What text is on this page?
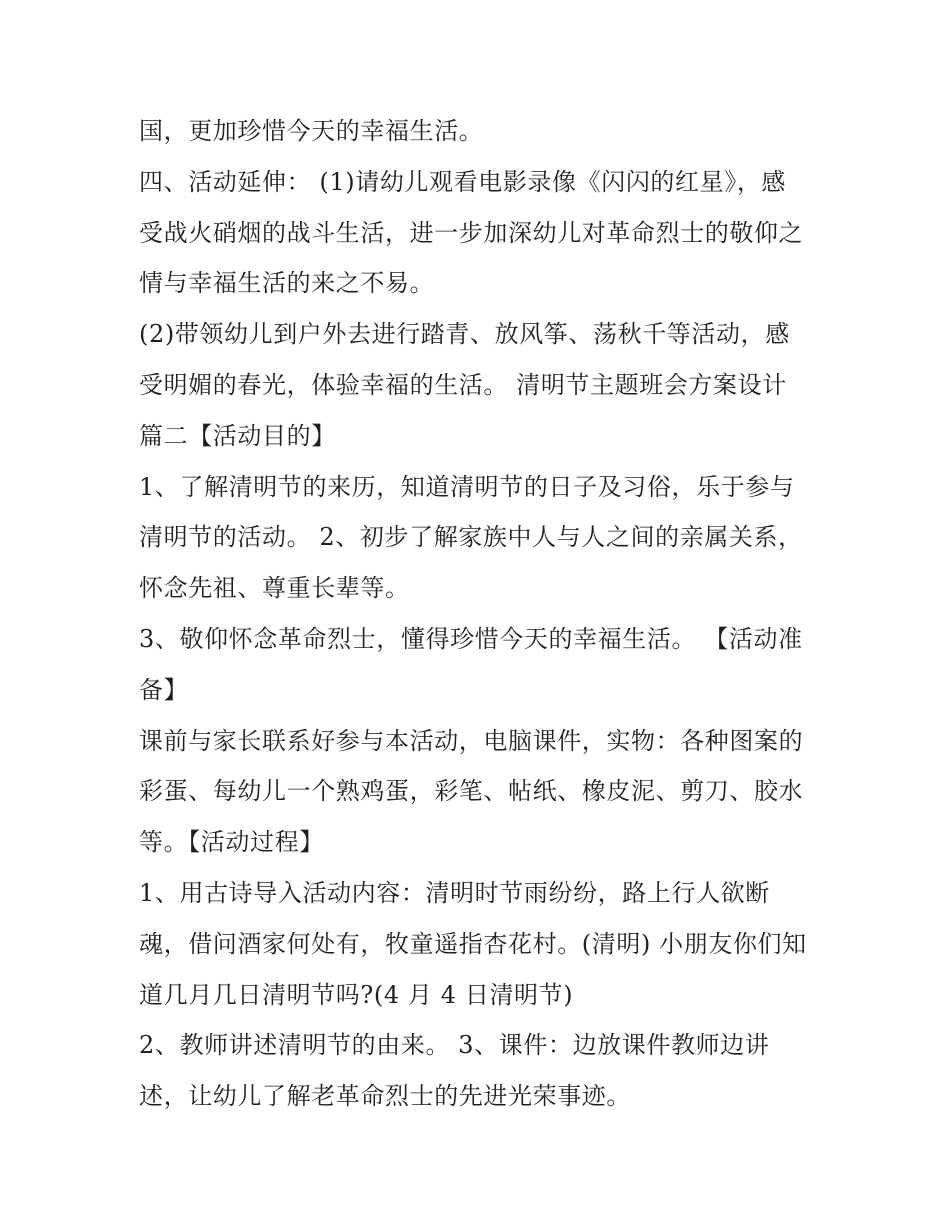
国，更加珍惜今天的幸福生活。
四、活动延伸： (1)请幼儿观看电影录像《闪闪的红星》，感
受战火硝烟的战斗生活，进一步加深幼儿对革命烈士的敬仰之
情与幸福生活的来之不易。
(2)带领幼儿到户外去进行踏青、放风筝、荡秋千等活动，感
受明媚的春光，体验幸福的生活。 清明节主题班会方案设计
篇二【活动目的】
1、了解清明节的来历，知道清明节的日子及习俗，乐于参与
清明节的活动。 2、初步了解家族中人与人之间的亲属关系，
怀念先祖、尊重长辈等。
3、敬仰怀念革命烈士，懂得珍惜今天的幸福生活。 【活动准
备】
课前与家长联系好参与本活动，电脑课件，实物：各种图案的
彩蛋、每幼儿一个熟鸡蛋，彩笔、帖纸、橡皮泥、剪刀、胶水
等。【活动过程】
1、用古诗导入活动内容：清明时节雨纷纷，路上行人欲断
魂，借问酒家何处有，牧童遥指杏花村。(清明) 小朋友你们知
道几月几日清明节吗?(4 月 4 日清明节)
2、教师讲述清明节的由来。 3、课件：边放课件教师边讲
述，让幼儿了解老革命烈士的先进光荣事迹。
